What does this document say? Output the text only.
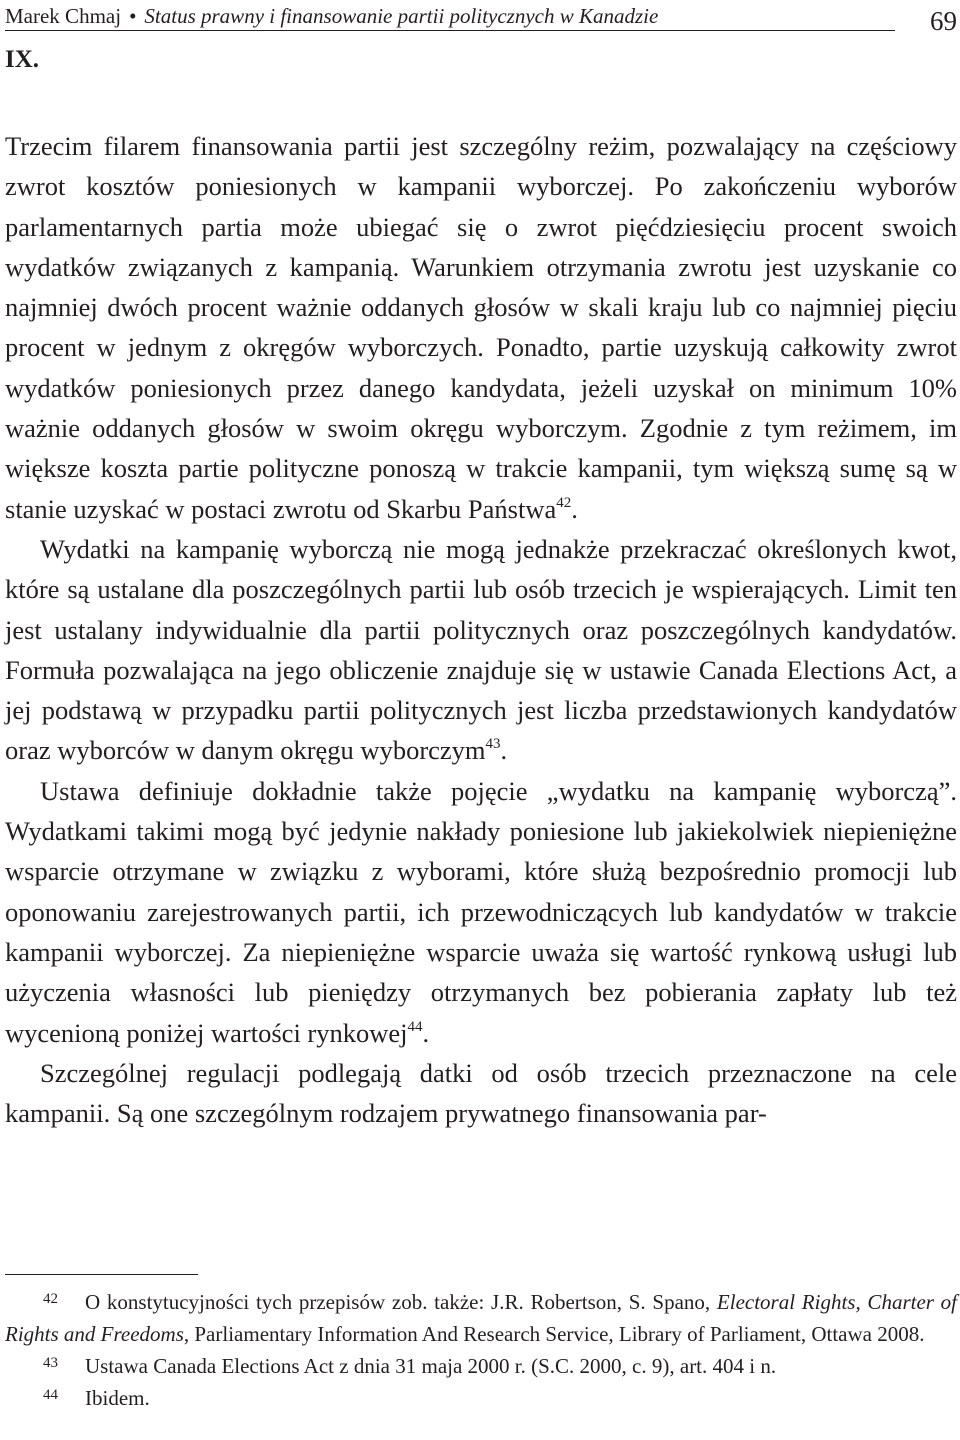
Marek Chmaj • Status prawny i finansowanie partii politycznych w Kanadzie	69
IX.

Trzecim filarem finansowania partii jest szczególny reżim, pozwalający na częściowy zwrot kosztów poniesionych w kampanii wyborczej. Po zakończeniu wyborów parlamentarnych partia może ubiegać się o zwrot pięćdziesięciu procent swoich wydatków związanych z kampanią. Warunkiem otrzymania zwrotu jest uzyskanie co najmniej dwóch procent ważnie oddanych głosów w skali kraju lub co najmniej pięciu procent w jednym z okręgów wyborczych. Ponadto, partie uzyskują całkowity zwrot wydatków poniesionych przez danego kandydata, jeżeli uzyskał on minimum 10% ważnie oddanych głosów w swoim okręgu wyborczym. Zgodnie z tym reżimem, im większe koszta partie polityczne ponoszą w trakcie kampanii, tym większą sumę są w stanie uzyskać w postaci zwrotu od Skarbu Państwa$^{42}$.

Wydatki na kampanię wyborczą nie mogą jednakże przekraczać określonych kwot, które są ustalane dla poszczególnych partii lub osób trzecich je wspierających. Limit ten jest ustalany indywidualnie dla partii politycznych oraz poszczególnych kandydatów. Formuła pozwalająca na jego obliczenie znajduje się w ustawie Canada Elections Act, a jej podstawą w przypadku partii politycznych jest liczba przedstawionych kandydatów oraz wyborców w danym okręgu wyborczym$^{43}$.

Ustawa definiuje dokładnie także pojęcie „wydatku na kampanię wyborczą”. Wydatkami takimi mogą być jedynie nakłady poniesione lub jakiekolwiek niepieniężne wsparcie otrzymane w związku z wyborami, które służą bezpośrednio promocji lub oponowaniu zarejestrowanych partii, ich przewodniczących lub kandydatów w trakcie kampanii wyborczej. Za niepieniężne wsparcie uważa się wartość rynkową usługi lub użyczenia własności lub pieniędzy otrzymanych bez pobierania zapłaty lub też wycenioną poniżej wartości rynkowej$^{44}$.

Szczególnej regulacji podlegają datki od osób trzecich przeznaczone na cele kampanii. Są one szczególnym rodzajem prywatnego finansowania par-

42 O konstytucyjności tych przepisów zob. także: J.R. Robertson, S. Spano, Electoral Rights, Charter of Rights and Freedoms, Parliamentary Information And Research Service, Library of Parliament, Ottawa 2008.

43 Ustawa Canada Elections Act z dnia 31 maja 2000 r. (S.C. 2000, c. 9), art. 404 i n.

44 Ibidem.
